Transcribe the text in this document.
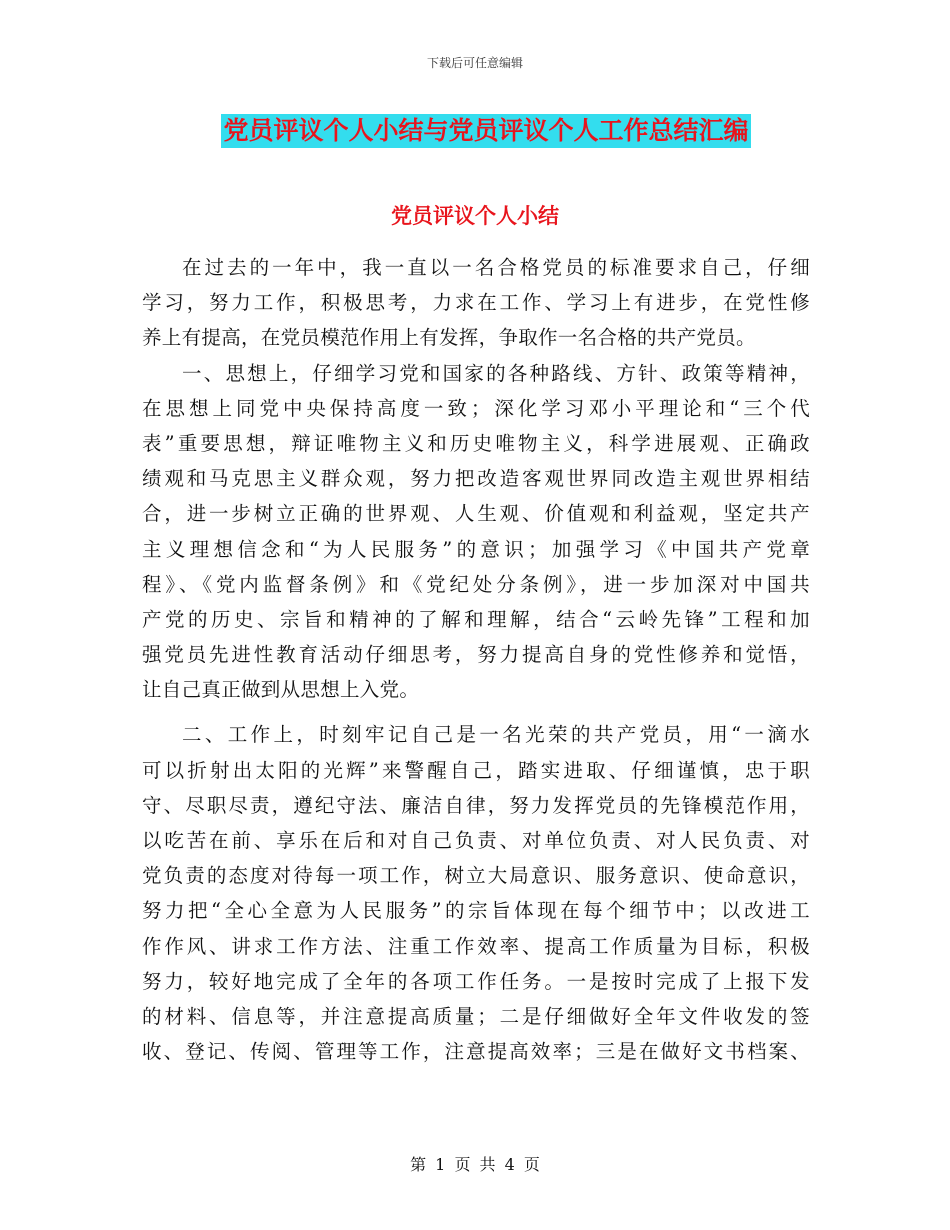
下载后可任意编辑
党员评议个人小结与党员评议个人工作总结汇编
党员评议个人小结
在过去的一年中，我一直以一名合格党员的标准要求自己，仔细
学习，努力工作，积极思考，力求在工作、学习上有进步，在党性修
养上有提高，在党员模范作用上有发挥，争取作一名合格的共产党员。
一、思想上，仔细学习党和国家的各种路线、方针、政策等精神，
在思想上同党中央保持高度一致；深化学习邓小平理论和“三个代
表”重要思想，辩证唯物主义和历史唯物主义，科学进展观、正确政
绩观和马克思主义群众观，努力把改造客观世界同改造主观世界相结
合，进一步树立正确的世界观、人生观、价值观和利益观，坚定共产
主义理想信念和“为人民服务”的意识；加强学习《中国共产党章
程》、《党内监督条例》和《党纪处分条例》，进一步加深对中国共
产党的历史、宗旨和精神的了解和理解，结合“云岭先锋”工程和加
强党员先进性教育活动仔细思考，努力提高自身的党性修养和觉悟，
让自己真正做到从思想上入党。
二、工作上，时刻牢记自己是一名光荣的共产党员，用“一滴水
可以折射出太阳的光辉”来警醒自己，踏实进取、仔细谨慎，忠于职
守、尽职尽责，遵纪守法、廉洁自律，努力发挥党员的先锋模范作用，
以吃苦在前、享乐在后和对自己负责、对单位负责、对人民负责、对
党负责的态度对待每一项工作，树立大局意识、服务意识、使命意识，
努力把“全心全意为人民服务”的宗旨体现在每个细节中；以改进工
作作风、讲求工作方法、注重工作效率、提高工作质量为目标，积极
努力，较好地完成了全年的各项工作任务。一是按时完成了上报下发
的材料、信息等，并注意提高质量；二是仔细做好全年文件收发的签
收、登记、传阅、管理等工作，注意提高效率；三是在做好文书档案、
第 1 页 共 4 页
